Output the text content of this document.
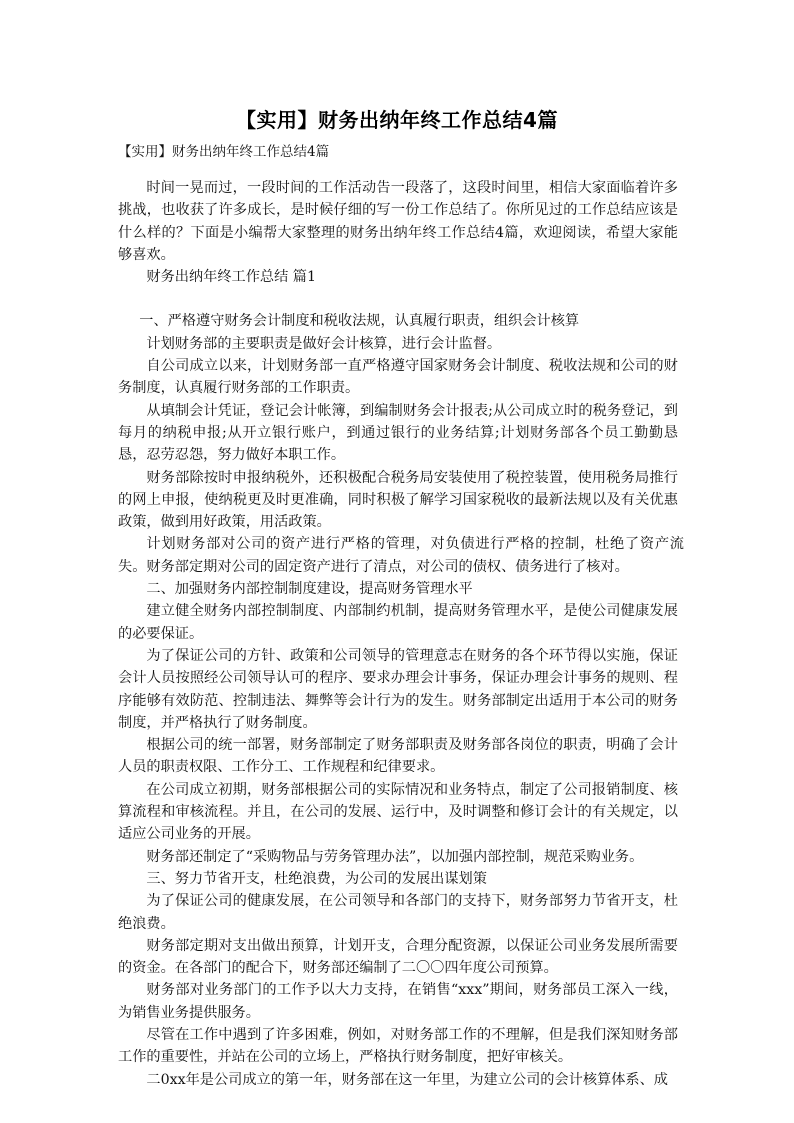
【实用】财务出纳年终工作总结4篇
【实用】财务出纳年终工作总结4篇

时间一晃而过，一段时间的工作活动告一段落了，这段时间里，相信大家面临着许多挑战，也收获了许多成长，是时候仔细的写一份工作总结了。你所见过的工作总结应该是什么样的？下面是小编帮大家整理的财务出纳年终工作总结4篇，欢迎阅读，希望大家能够喜欢。

财务出纳年终工作总结 篇1

一、严格遵守财务会计制度和税收法规，认真履行职责，组织会计核算

计划财务部的主要职责是做好会计核算，进行会计监督。

自公司成立以来，计划财务部一直严格遵守国家财务会计制度、税收法规和公司的财务制度，认真履行财务部的工作职责。

从填制会计凭证，登记会计帐簿，到编制财务会计报表;从公司成立时的税务登记，到每月的纳税申报;从开立银行账户，到通过银行的业务结算;计划财务部各个员工勤勤恳恳，忍劳忍怨，努力做好本职工作。

财务部除按时申报纳税外，还积极配合税务局安装使用了税控装置，使用税务局推行的网上申报，使纳税更及时更准确，同时积极了解学习国家税收的最新法规以及有关优惠政策，做到用好政策，用活政策。

计划财务部对公司的资产进行严格的管理，对负债进行严格的控制，杜绝了资产流失。财务部定期对公司的固定资产进行了清点，对公司的债权、债务进行了核对。

二、加强财务内部控制制度建设，提高财务管理水平

建立健全财务内部控制制度、内部制约机制，提高财务管理水平，是使公司健康发展的必要保证。

为了保证公司的方针、政策和公司领导的管理意志在财务的各个环节得以实施，保证会计人员按照经公司领导认可的程序、要求办理会计事务，保证办理会计事务的规则、程序能够有效防范、控制违法、舞弊等会计行为的发生。财务部制定出适用于本公司的财务制度，并严格执行了财务制度。

根据公司的统一部署，财务部制定了财务部职责及财务部各岗位的职责，明确了会计人员的职责权限、工作分工、工作规程和纪律要求。

在公司成立初期，财务部根据公司的实际情况和业务特点，制定了公司报销制度、核算流程和审核流程。并且，在公司的发展、运行中，及时调整和修订会计的有关规定，以适应公司业务的开展。

财务部还制定了“采购物品与劳务管理办法”，以加强内部控制，规范采购业务。

三、努力节省开支，杜绝浪费，为公司的发展出谋划策

为了保证公司的健康发展，在公司领导和各部门的支持下，财务部努力节省开支，杜绝浪费。

财务部定期对支出做出预算，计划开支，合理分配资源，以保证公司业务发展所需要的资金。在各部门的配合下，财务部还编制了二〇〇四年度公司预算。

财务部对业务部门的工作予以大力支持，在销售“xxx”期间，财务部员工深入一线，为销售业务提供服务。

尽管在工作中遇到了许多困难，例如，对财务部工作的不理解，但是我们深知财务部工作的重要性，并站在公司的立场上，严格执行财务制度，把好审核关。

二0xx年是公司成立的第一年，财务部在这一年里，为建立公司的会计核算体系、成
